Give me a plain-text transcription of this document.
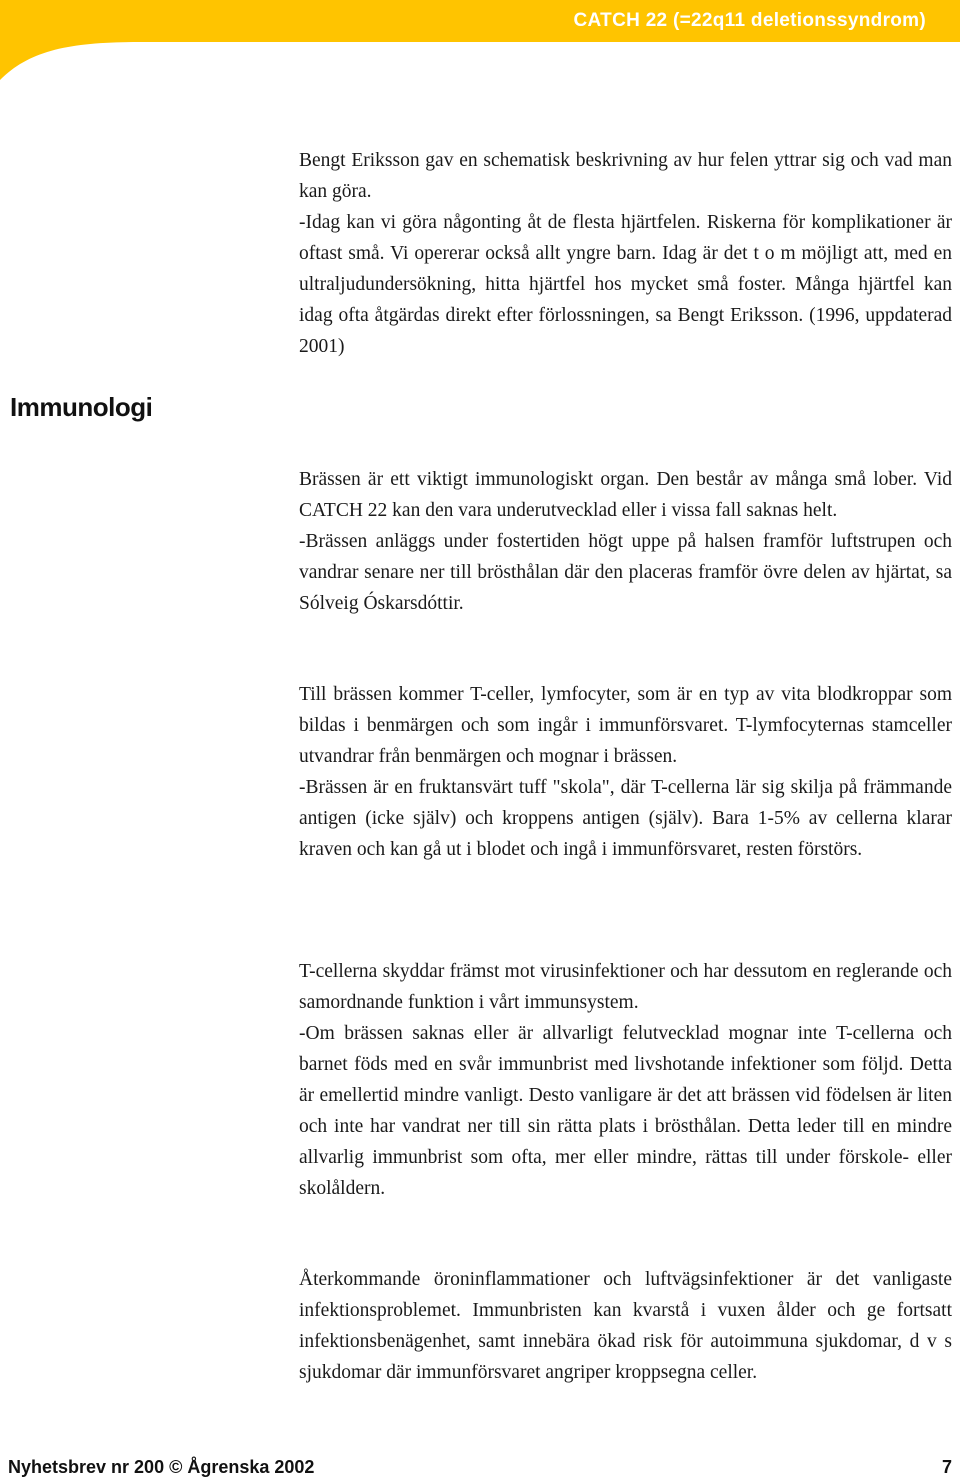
CATCH 22 (=22q11 deletionssyndrom)

Bengt Eriksson gav en schematisk beskrivning av hur felen yttrar sig och vad man kan göra.

-Idag kan vi göra någonting åt de flesta hjärtfelen. Riskerna för komplikationer är oftast små. Vi opererar också allt yngre barn. Idag är det t o m möjligt att, med en ultraljudundersökning, hitta hjärtfel hos mycket små foster. Många hjärtfel kan idag ofta åtgärdas direkt efter förlossningen, sa Bengt Eriksson. (1996, uppdaterad 2001)

Immunologi

Brässen är ett viktigt immunologiskt organ. Den består av många små lober. Vid CATCH 22 kan den vara underutvecklad eller i vissa fall saknas helt.

-Brässen anläggs under fostertiden högt uppe på halsen framför luftstrupen och vandrar senare ner till brösthålan där den placeras framför övre delen av hjärtat, sa Sólveig Óskarsdóttir.

Till brässen kommer T-celler, lymfocyter, som är en typ av vita blodkroppar som bildas i benmärgen och som ingår i immunförsvaret. T-lymfocyternas stamceller utvandrar från benmärgen och mognar i brässen.

-Brässen är en fruktansvärt tuff "skola", där T-cellerna lär sig skilja på främmande antigen (icke själv) och kroppens antigen (själv). Bara 1-5% av cellerna klarar kraven och kan gå ut i blodet och ingå i immunförsvaret, resten förstörs.

T-cellerna skyddar främst mot virusinfektioner och har dessutom en reglerande och samordnande funktion i vårt immunsystem.

-Om brässen saknas eller är allvarligt felutvecklad mognar inte T-cellerna och barnet föds med en svår immunbrist med livshotande infektioner som följd. Detta är emellertid mindre vanligt. Desto vanligare är det att brässen vid födelsen är liten och inte har vandrat ner till sin rätta plats i brösthålan. Detta leder till en mindre allvarlig immunbrist som ofta, mer eller mindre, rättas till under förskole- eller skolåldern.

Återkommande öroninflammationer och luftvägsinfektioner är det vanligaste infektionsproblemet. Immunbristen kan kvarstå i vuxen ålder och ge fortsatt infektionsbenägenhet, samt innebära ökad risk för autoimmuna sjukdomar, d v s sjukdomar där immunförsvaret angriper kroppsegna celler.

Nyhetsbrev nr 200 © Ågrenska 2002	7
